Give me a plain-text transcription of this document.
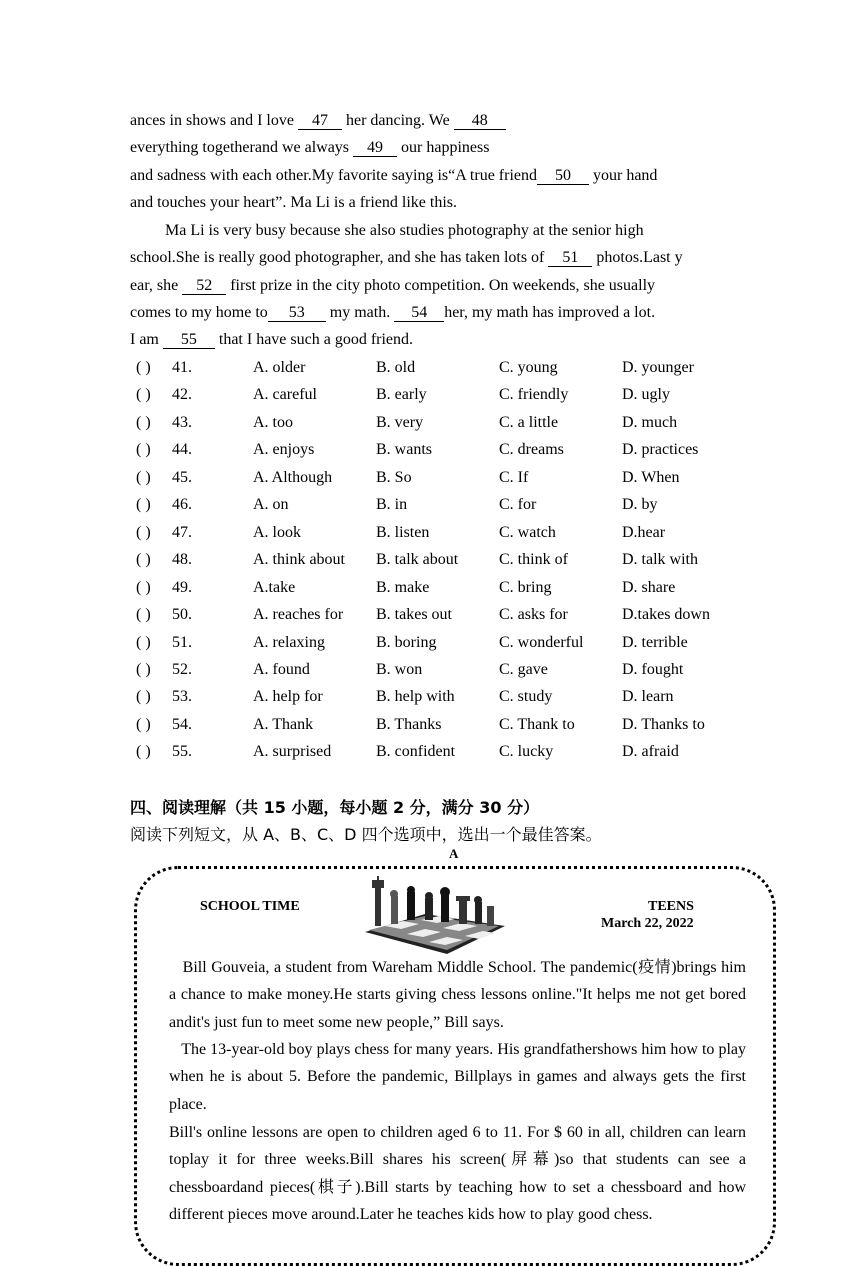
ances in shows and I love 47 her dancing. We 48
everything togetherand we always 49 our happiness
and sadness with each other.My favorite saying is“A true friend 50 your hand
and touches your heart”. Ma Li is a friend like this.
Ma Li is very busy because she also studies photography at the senior high
school.She is really good photographer, and she has taken lots of 51 photos.Last y
ear, she 52 first prize in the city photo competition. On weekends, she usually
comes to my home to 53 my math. 54 her, my math has improved a lot.
I am 55 that I have such a good friend.
( ) 41.	A. older	B. old	C. young	D. younger
( ) 42.	A. careful	B. early	C. friendly	D. ugly
( ) 43.	A. too	B. very	C. a little	D. much
( ) 44.	A. enjoys	B. wants	C. dreams	D. practices
( ) 45.	A. Although	B. So	C. If	D. When
( ) 46.	A. on	B. in	C. for	D. by
( ) 47.	A. look	B. listen	C. watch	D.hear
( ) 48.	A. think about B. talk about	C. think of	D. talk with
( ) 49.	A.take	B. make	C. bring	D. share
( ) 50.	A. reaches for B. takes out	C. asks for	D.takes down
( ) 51.	A. relaxing	B. boring	C. wonderful D. terrible
( ) 52.	A. found	B. won	C. gave	D. fought
( ) 53.	A. help for	B. help with	C. study	D. learn
( ) 54.	A. Thank	B. Thanks	C. Thank to	D. Thanks to
( ) 55.	A. surprised	B. confident	C. lucky	D. afraid
四、阅读理解（共 15 小题，每小题 2 分，满分 30 分）
阅读下列短文，从 A、B、C、D 四个选项中，选出一个最佳答案。
A
SCHOOL TIME	TEENS
March 22, 2022
Bill Gouveia, a student from Wareham Middle School. The pandemic(疫情)brings him a chance to make money.He starts giving chess lessons online."It helps me not get bored andit's just fun to meet some new people,” Bill says.
The 13-year-old boy plays chess for many years. His grandfathershows him how to play when he is about 5. Before the pandemic, Billplays in games and always gets the first place.
Bill's online lessons are open to children aged 6 to 11. For $ 60 in all, children can learn toplay it for three weeks.Bill shares his screen(屏幕)so that students can see a chessboardand pieces(棋子).Bill starts by teaching how to set a chessboard and how different pieces move around.Later he teaches kids how to play good chess.
